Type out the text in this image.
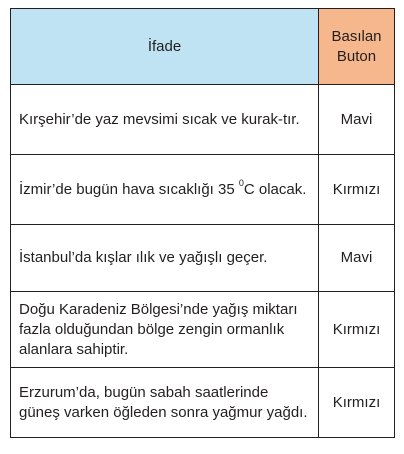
İfade	Basılan
Buton
Kırşehir’de yaz mevsimi sıcak ve kurak-tır.	Mavi
İzmir’de bugün hava sıcaklığı 35 $^0$C olacak.	Kırmızı
İstanbul’da kışlar ılık ve yağışlı geçer.	Mavi
Doğu Karadeniz Bölgesi’nde yağış miktarı fazla olduğundan bölge zengin ormanlık alanlara sahiptir.	Kırmızı
Erzurum’da, bugün sabah saatlerinde güneş varken öğleden sonra yağmur yağdı.	Kırmızı
